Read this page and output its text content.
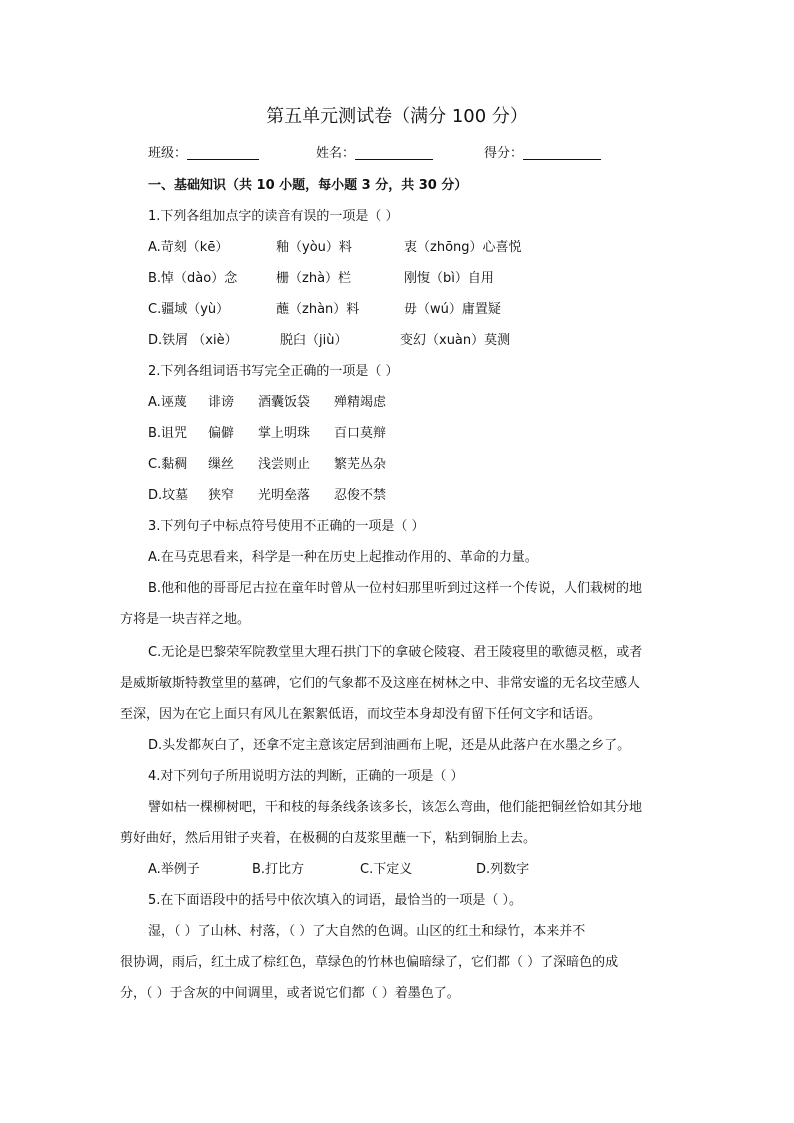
第五单元测试卷（满分 100 分）
班级：	姓名：	得分：
一、基础知识（共 10 小题，每小题 3 分，共 30 分）
1.下列各组加点字的读音有误的一项是（ ）
A.苛刻（kē）	釉（yòu）料	衷（zhōng）心喜悦
B.悼（dào）念	栅（zhà）栏	刚愎（bì）自用
C.疆域（yù）	蘸（zhàn）料	毋（wú）庸置疑
D.铁屑 （xiè）	脱臼（jiù）	变幻（xuàn）莫测
2.下列各组词语书写完全正确的一项是（ ）
A.诬蔑 诽谤 酒囊饭袋 殚精竭虑
B.诅咒 偏僻 掌上明珠 百口莫辩
C.黏稠 缫丝 浅尝则止 繁芜丛杂
D.坟墓 狭窄 光明垒落 忍俊不禁
3.下列句子中标点符号使用不正确的一项是（ ）
A.在马克思看来，科学是一种在历史上起推动作用的、革命的力量。
B.他和他的哥哥尼古拉在童年时曾从一位村妇那里听到过这样一个传说，人们栽树的地
方将是一块吉祥之地。
C.无论是巴黎荣军院教堂里大理石拱门下的拿破仑陵寝、君王陵寝里的歌德灵柩，或者
是威斯敏斯特教堂里的墓碑，它们的气象都不及这座在树林之中、非常安谧的无名坟茔感人
至深，因为在它上面只有风儿在絮絮低语，而坟茔本身却没有留下任何文字和话语。
D.头发都灰白了，还拿不定主意该定居到油画布上呢，还是从此落户在水墨之乡了。
4.对下列句子所用说明方法的判断，正确的一项是（ ）
譬如枯一棵柳树吧，干和枝的每条线条该多长，该怎么弯曲，他们能把铜丝恰如其分地
剪好曲好，然后用钳子夹着，在极稠的白芨浆里蘸一下，粘到铜胎上去。
A.举例子	B.打比方	C.下定义	D.列数字
5.在下面语段中的括号中依次填入的词语，最恰当的一项是（ ）。
湿，（ ）了山林、村落，（ ）了大自然的色调。山区的红土和绿竹，本来并不
很协调，雨后，红土成了棕红色，草绿色的竹林也偏暗绿了，它们都（ ）了深暗色的成
分，（ ）于含灰的中间调里，或者说它们都（ ）着墨色了。
